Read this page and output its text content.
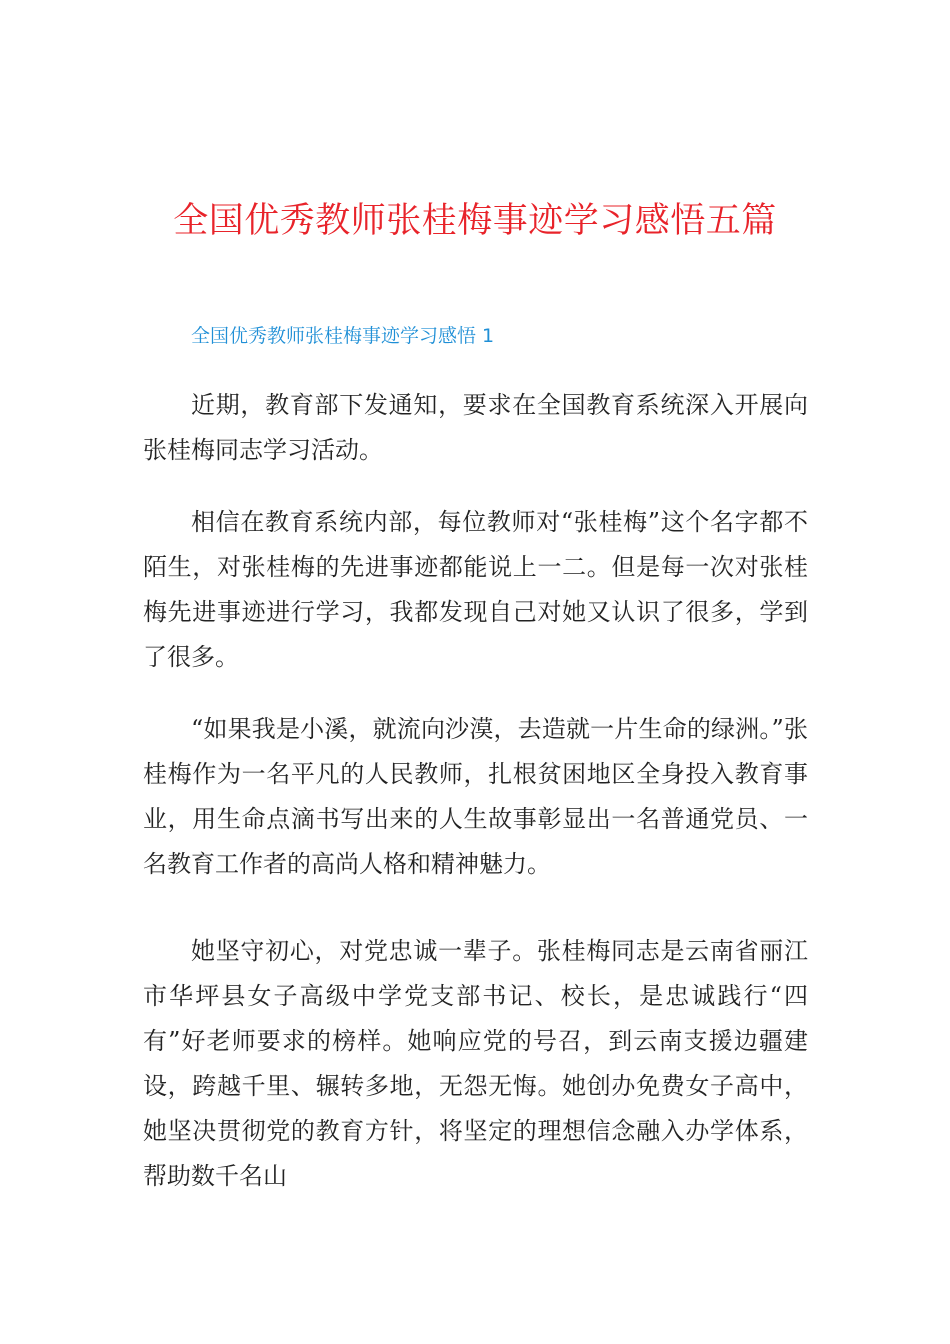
全国优秀教师张桂梅事迹学习感悟五篇
全国优秀教师张桂梅事迹学习感悟 1

近期，教育部下发通知，要求在全国教育系统深入开展向张桂梅同志学习活动。

相信在教育系统内部，每位教师对“张桂梅”这个名字都不陌生，对张桂梅的先进事迹都能说上一二。但是每一次对张桂梅先进事迹进行学习，我都发现自己对她又认识了很多，学到了很多。

“如果我是小溪，就流向沙漠，去造就一片生命的绿洲。”张桂梅作为一名平凡的人民教师，扎根贫困地区全身投入教育事业，用生命点滴书写出来的人生故事彰显出一名普通党员、一名教育工作者的高尚人格和精神魅力。

她坚守初心，对党忠诚一辈子。张桂梅同志是云南省丽江市华坪县女子高级中学党支部书记、校长，是忠诚践行“四有”好老师要求的榜样。她响应党的号召，到云南支援边疆建设，跨越千里、辗转多地，无怨无悔。她创办免费女子高中，她坚决贯彻党的教育方针，将坚定的理想信念融入办学体系，帮助数千名山
